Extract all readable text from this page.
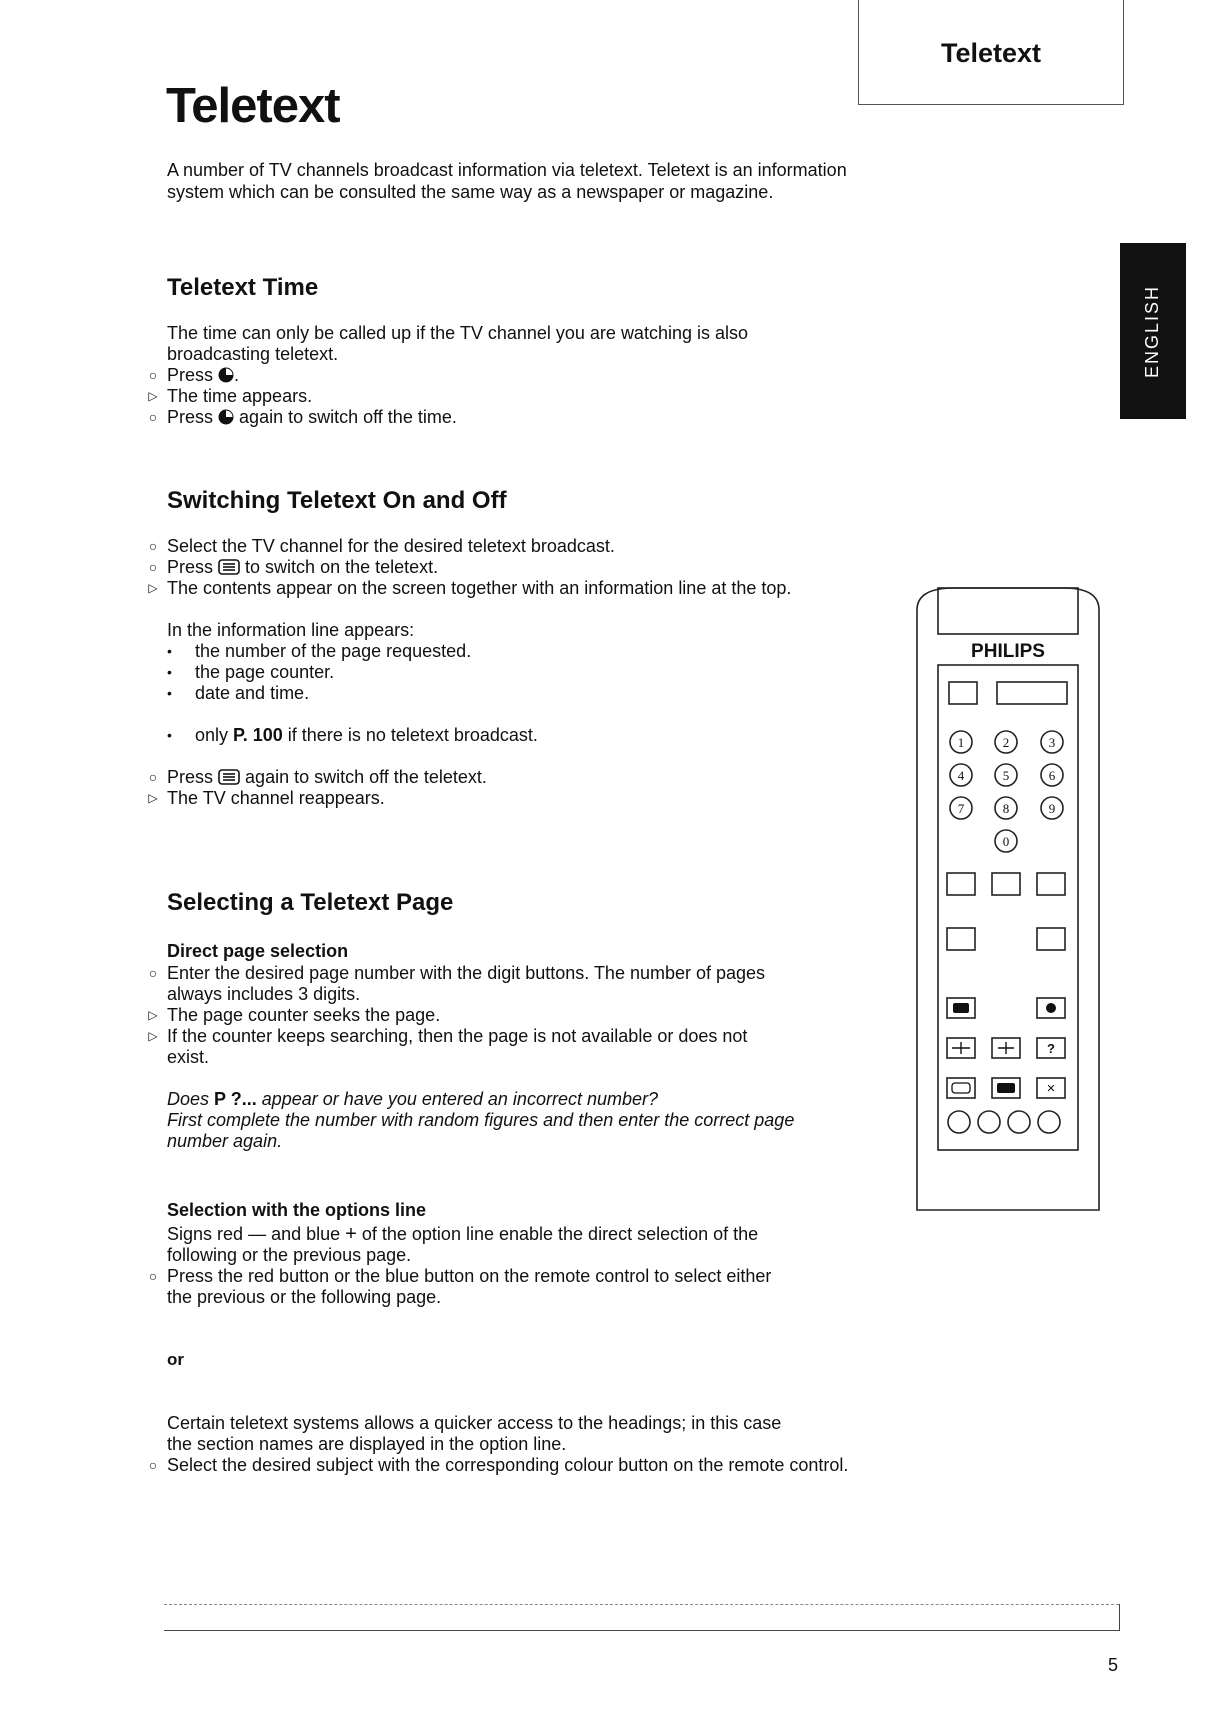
Teletext
Teletext
ENGLISH
A number of TV channels broadcast information via teletext. Teletext is an information system which can be consulted the same way as a newspaper or magazine.
Teletext Time
The time can only be called up if the TV channel you are watching is also
broadcasting teletext.
○ Press .
▷ The time appears.
○ Press again to switch off the time.
Switching Teletext On and Off
○ Select the TV channel for the desired teletext broadcast.
○ Press to switch on the teletext.
▷ The contents appear on the screen together with an information line at the top.
In the information line appears:
• the number of the page requested.
• the page counter.
• date and time.
• only P. 100 if there is no teletext broadcast.
○ Press again to switch off the teletext.
▷ The TV channel reappears.
Selecting a Teletext Page
Direct page selection
○ Enter the desired page number with the digit buttons. The number of pages
always includes 3 digits.
▷ The page counter seeks the page.
▷ If the counter keeps searching, then the page is not available or does not
exist.
Does P ?... appear or have you entered an incorrect number?
First complete the number with random figures and then enter the correct page
number again.
Selection with the options line
Signs red — and blue + of the option line enable the direct selection of the
following or the previous page.
○ Press the red button or the blue button on the remote control to select either
the previous or the following page.
or
Certain teletext systems allows a quicker access to the headings; in this case
the section names are displayed in the option line.
○ Select the desired subject with the corresponding colour button on the remote control.
PHILIPS
1	2	3
4	5	6
7	8	9
0
?
×
5
